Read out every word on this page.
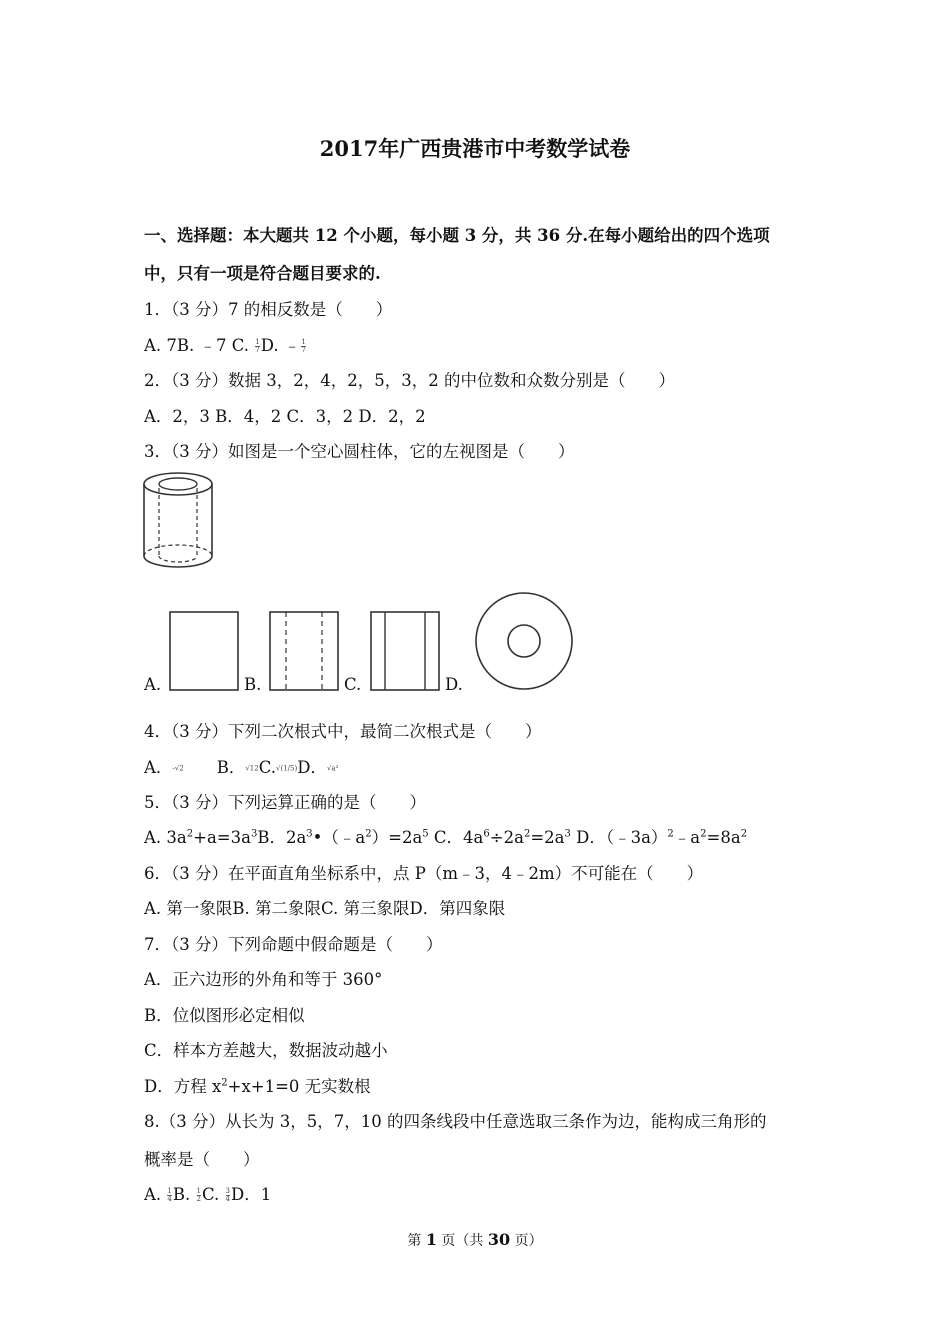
2017年广西贵港市中考数学试卷
一、选择题：本大题共 12 个小题，每小题 3 分，共 36 分.在每小题给出的四个选项
中，只有一项是符合题目要求的.
1．（3 分）7 的相反数是（　　）
A. 7B. ﹣7 C. $\frac{1}{7} D$. ﹣ $\frac{1}{7}$
2．（3 分）数据 3，2，4，2，5，3，2 的中位数和众数分别是（　　）
A．2，3 B．4，2 C．3，2 D．2，2
3．（3 分）如图是一个空心圆柱体，它的左视图是（　　）
A.	B.	C.	D.
4．（3 分）下列二次根式中，最简二次根式是（　　）
A．-√2　　 B．√12C.√(1/5)D．√a²
5．（3 分）下列运算正确的是（　　）
A. $3a^2+a=3a^3B$．$2a^3•(﹣a^2)=2a^5$ C．$4a^6\div 2a^2=2a^3$ D．$(﹣3a)^2﹣a^2=8a^2$
6．（3 分）在平面直角坐标系中，点 P（m﹣3，4﹣2m）不可能在（　　）
A. 第一象限B. 第二象限C. 第三象限D．第四象限
7．（3 分）下列命题中假命题是（　　）
A．正六边形的外角和等于 360°
B．位似图形必定相似
C．样本方差越大，数据波动越小
D．方程 $x^2+x+1=0$ 无实数根
8.（3 分）从长为 3，5，7，10 的四条线段中任意选取三条作为边，能构成三角形的
概率是（　　）
A. $\frac{1}{4} B$. $\frac{1}{2} C$. $\frac{3}{4}$ D．1
第 1 页（共 30 页）
